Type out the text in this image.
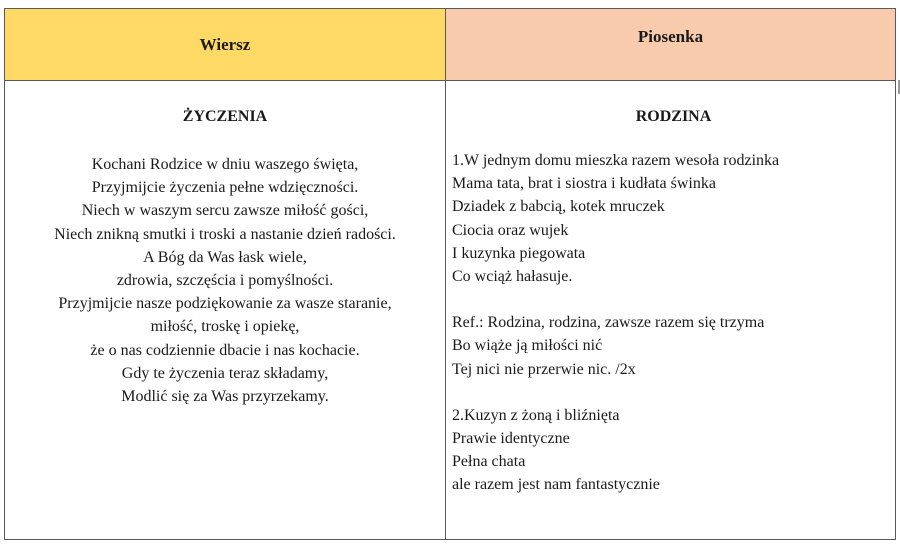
Wiersz	Piosenka
ŻYCZENIA
Kochani Rodzice w dniu waszego święta,
Przyjmijcie życzenia pełne wdzięczności.
Niech w waszym sercu zawsze miłość gości,
Niech znikną smutki i troski a nastanie dzień radości.
A Bóg da Was łask wiele,
zdrowia, szczęścia i pomyślności.
Przyjmijcie nasze podziękowanie za wasze staranie,
miłość, troskę i opiekę,
że o nas codziennie dbacie i nas kochacie.
Gdy te życzenia teraz składamy,
Modlić się za Was przyrzekamy.
RODZINA
1.W jednym domu mieszka razem wesoła rodzinka
Mama tata, brat i siostra i kudłata świnka
Dziadek z babcią, kotek mruczek
Ciocia oraz wujek
I kuzynka piegowata
Co wciąż hałasuje.
Ref.: Rodzina, rodzina, zawsze razem się trzyma
Bo wiąże ją miłości nić
Tej nici nie przerwie nic. /2x
2.Kuzyn z żoną i bliźnięta
Prawie identyczne
Pełna chata
ale razem jest nam fantastycznie
